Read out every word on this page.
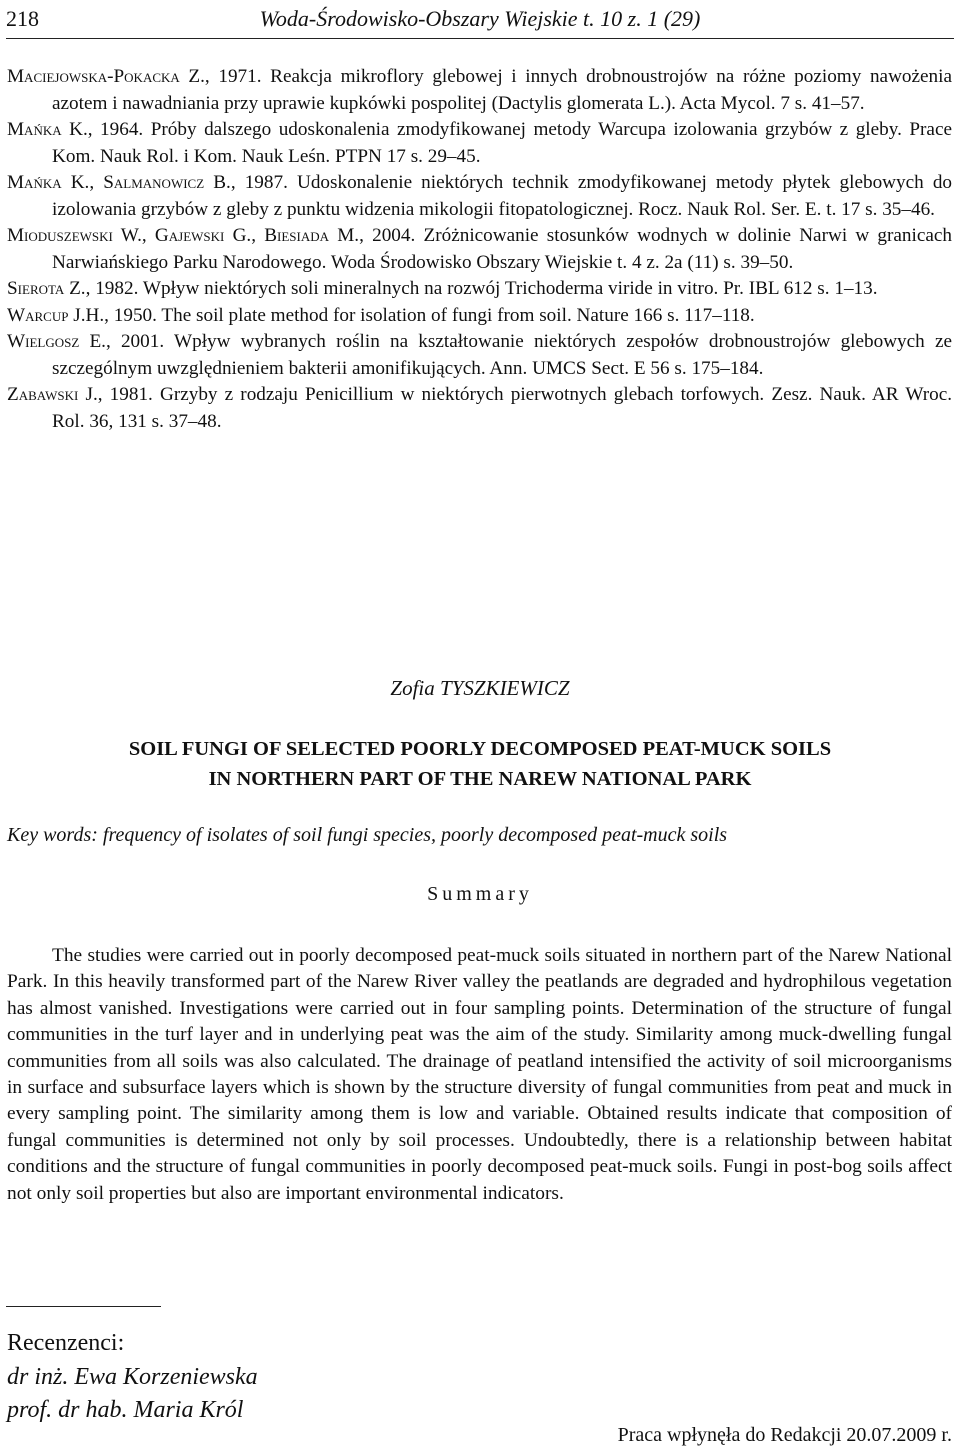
218	Woda-Środowisko-Obszary Wiejskie t. 10 z. 1 (29)
Maciejowska-Pokacka Z., 1971. Reakcja mikroflory glebowej i innych drobnoustrojów na różne poziomy nawożenia azotem i nawadniania przy uprawie kupkówki pospolitej (Dactylis glomerata L.). Acta Mycol. 7 s. 41–57.
Mańka K., 1964. Próby dalszego udoskonalenia zmodyfikowanej metody Warcupa izolowania grzybów z gleby. Prace Kom. Nauk Rol. i Kom. Nauk Leśn. PTPN 17 s. 29–45.
Mańka K., Salmanowicz B., 1987. Udoskonalenie niektórych technik zmodyfikowanej metody płytek glebowych do izolowania grzybów z gleby z punktu widzenia mikologii fitopatologicznej. Rocz. Nauk Rol. Ser. E. t. 17 s. 35–46.
Mioduszewski W., Gajewski G., Biesiada M., 2004. Zróżnicowanie stosunków wodnych w dolinie Narwi w granicach Narwiańskiego Parku Narodowego. Woda Środowisko Obszary Wiejskie t. 4 z. 2a (11) s. 39–50.
Sierota Z., 1982. Wpływ niektórych soli mineralnych na rozwój Trichoderma viride in vitro. Pr. IBL 612 s. 1–13.
Warcup J.H., 1950. The soil plate method for isolation of fungi from soil. Nature 166 s. 117–118.
Wielgosz E., 2001. Wpływ wybranych roślin na kształtowanie niektórych zespołów drobnoustrojów glebowych ze szczególnym uwzględnieniem bakterii amonifikujących. Ann. UMCS Sect. E 56 s. 175–184.
Zabawski J., 1981. Grzyby z rodzaju Penicillium w niektórych pierwotnych glebach torfowych. Zesz. Nauk. AR Wroc. Rol. 36, 131 s. 37–48.
Zofia TYSZKIEWICZ
SOIL FUNGI OF SELECTED POORLY DECOMPOSED PEAT-MUCK SOILS
IN NORTHERN PART OF THE NAREW NATIONAL PARK
Key words: frequency of isolates of soil fungi species, poorly decomposed peat-muck soils
Summary

The studies were carried out in poorly decomposed peat-muck soils situated in northern part of the Narew National Park. In this heavily transformed part of the Narew River valley the peatlands are degraded and hydrophilous vegetation has almost vanished. Investigations were carried out in four sampling points. Determination of the structure of fungal communities in the turf layer and in underlying peat was the aim of the study. Similarity among muck-dwelling fungal communities from all soils was also calculated. The drainage of peatland intensified the activity of soil microorganisms in surface and subsurface layers which is shown by the structure diversity of fungal communities from peat and muck in every sampling point. The similarity among them is low and variable. Obtained results indicate that composition of fungal communities is determined not only by soil processes. Undoubtedly, there is a relationship between habitat conditions and the structure of fungal communities in poorly decomposed peat-muck soils. Fungi in post-bog soils affect not only soil properties but also are important environmental indicators.

Recenzenci:
dr inż. Ewa Korzeniewska
prof. dr hab. Maria Król
Praca wpłynęła do Redakcji 20.07.2009 r.
